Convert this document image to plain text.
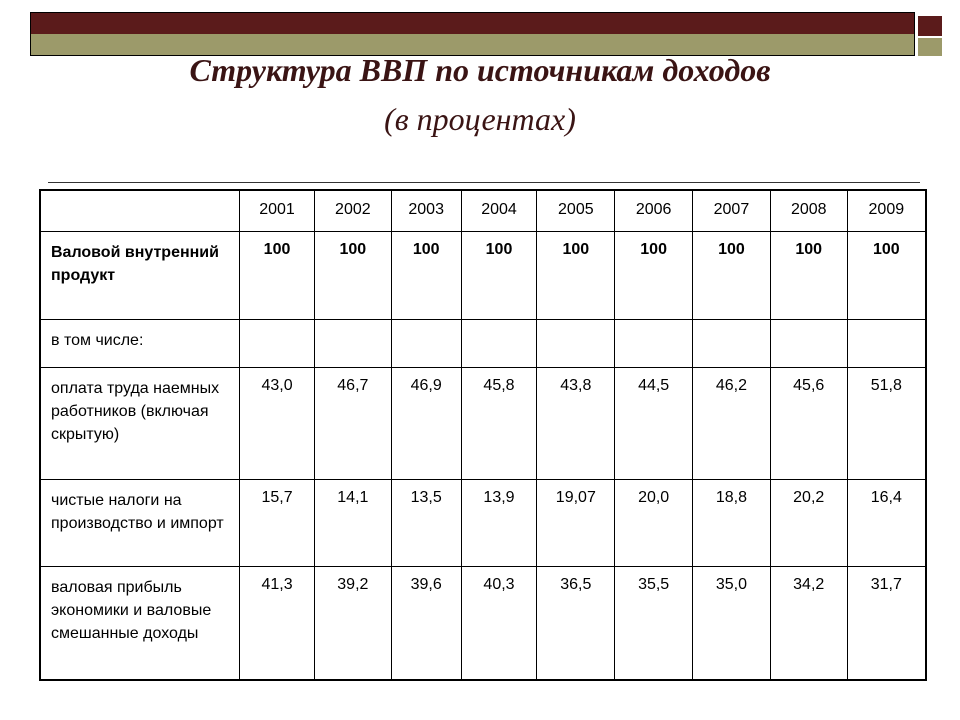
Структура ВВП по источникам доходов
(в процентах)
	2001	2002	2003	2004	2005	2006	2007	2008	2009
Валовой внутренний продукт	100	100	100	100	100	100	100	100	100
в том числе:									
оплата труда наемных работников (включая скрытую)	43,0	46,7	46,9	45,8	43,8	44,5	46,2	45,6	51,8
чистые налоги на производство и импорт	15,7	14,1	13,5	13,9	19,07	20,0	18,8	20,2	16,4
валовая прибыль экономики и валовые смешанные доходы	41,3	39,2	39,6	40,3	36,5	35,5	35,0	34,2	31,7
